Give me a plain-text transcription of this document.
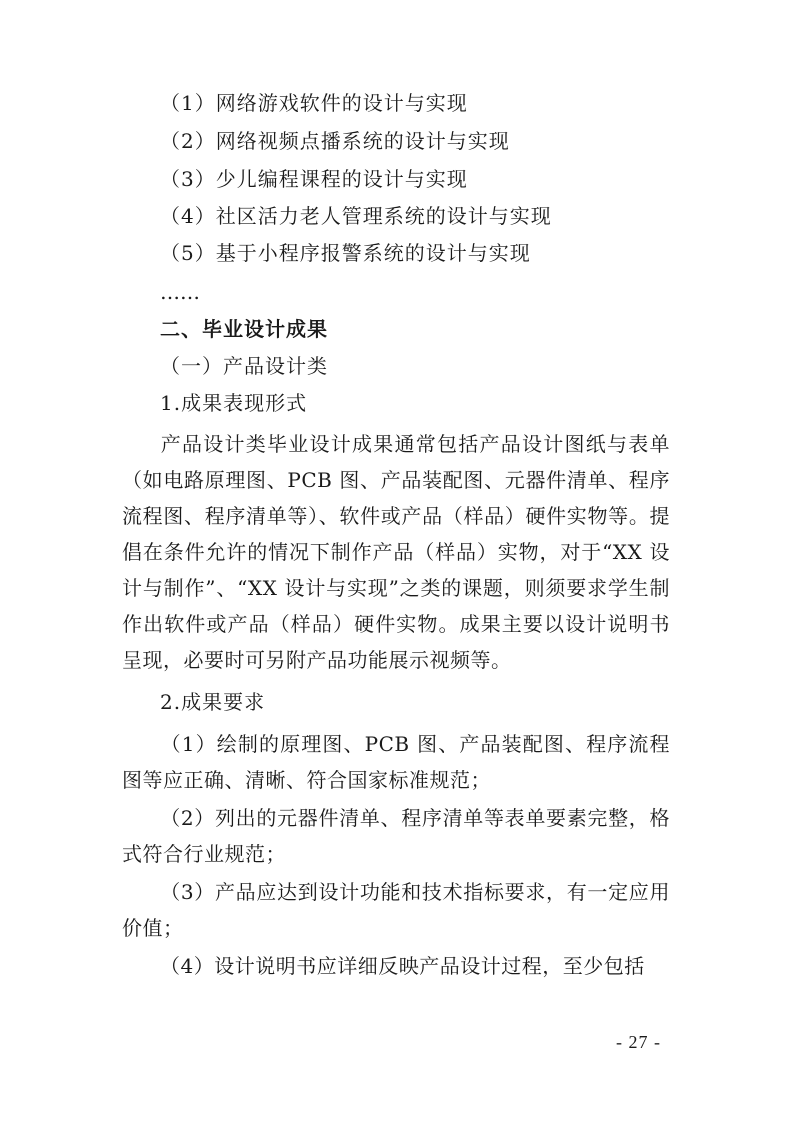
（1）网络游戏软件的设计与实现
（2）网络视频点播系统的设计与实现
（3）少儿编程课程的设计与实现
（4）社区活力老人管理系统的设计与实现
（5）基于小程序报警系统的设计与实现
……
二、毕业设计成果
（一）产品设计类
1.成果表现形式
产品设计类毕业设计成果通常包括产品设计图纸与表单（如电路原理图、PCB 图、产品装配图、元器件清单、程序流程图、程序清单等）、软件或产品（样品）硬件实物等。提倡在条件允许的情况下制作产品（样品）实物，对于“XX 设计与制作”、“XX 设计与实现”之类的课题，则须要求学生制作出软件或产品（样品）硬件实物。成果主要以设计说明书呈现，必要时可另附产品功能展示视频等。
2.成果要求
（1）绘制的原理图、PCB 图、产品装配图、程序流程图等应正确、清晰、符合国家标准规范；
（2）列出的元器件清单、程序清单等表单要素完整，格式符合行业规范；
（3）产品应达到设计功能和技术指标要求，有一定应用价值；
（4）设计说明书应详细反映产品设计过程，至少包括
- 27 -
